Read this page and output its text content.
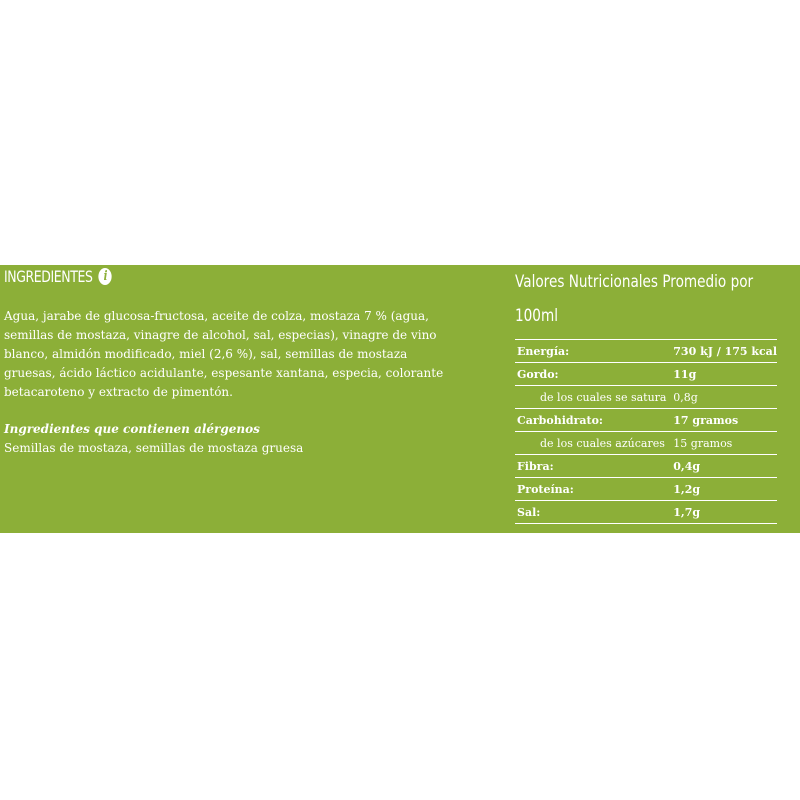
INGREDIENTES i
Agua, jarabe de glucosa-fructosa, aceite de colza, mostaza 7 % (agua, semillas de mostaza, vinagre de alcohol, sal, especias), vinagre de vino blanco, almidón modificado, miel (2,6 %), sal, semillas de mostaza gruesas, ácido láctico acidulante, espesante xantana, especia, colorante betacaroteno y extracto de pimentón.
Ingredientes que contienen alérgenos
Semillas de mostaza, semillas de mostaza gruesa
Valores Nutricionales Promedio por 100ml
Energía:	730 kJ / 175 kcal
Gordo:	11g
de los cuales se satura	0,8g
Carbohidrato:	17 gramos
de los cuales azúcares	15 gramos
Fibra:	0,4g
Proteína:	1,2g
Sal:	1,7g
